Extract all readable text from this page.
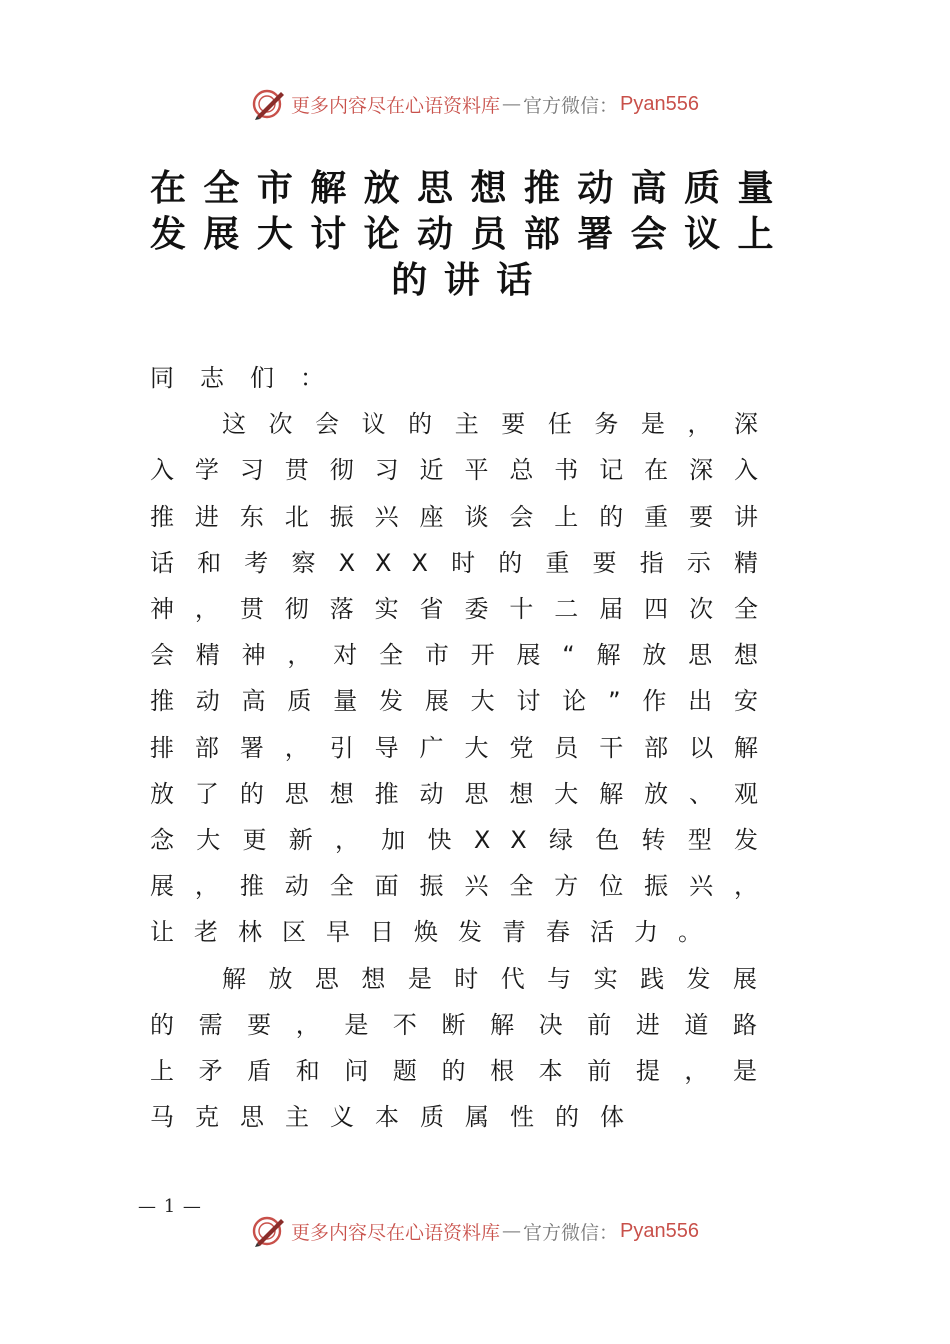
更多内容尽在心语资料库 — 官方微信： Pyan556
在全市解放思想推动高质量发展大讨论动员部署会议上的讲话

同志们：

这次会议的主要任务是，深入学习贯彻习近平总书记在深入推进东北振兴座谈会上的重要讲话和考察XXX时的重要指示精神，贯彻落实省委十二届四次全会精神，对全市开展“解放思想推动高质量发展大讨论”作出安排部署，引导广大党员干部以解放了的思想推动思想大解放、观念大更新，加快XX绿色转型发展，推动全面振兴全方位振兴，让老林区早日焕发青春活力。

解放思想是时代与实践发展的需要，是不断解决前进道路上矛盾和问题的根本前提，是马克思主义本质属性的体

— 1 —
更多内容尽在心语资料库 — 官方微信： Pyan556
